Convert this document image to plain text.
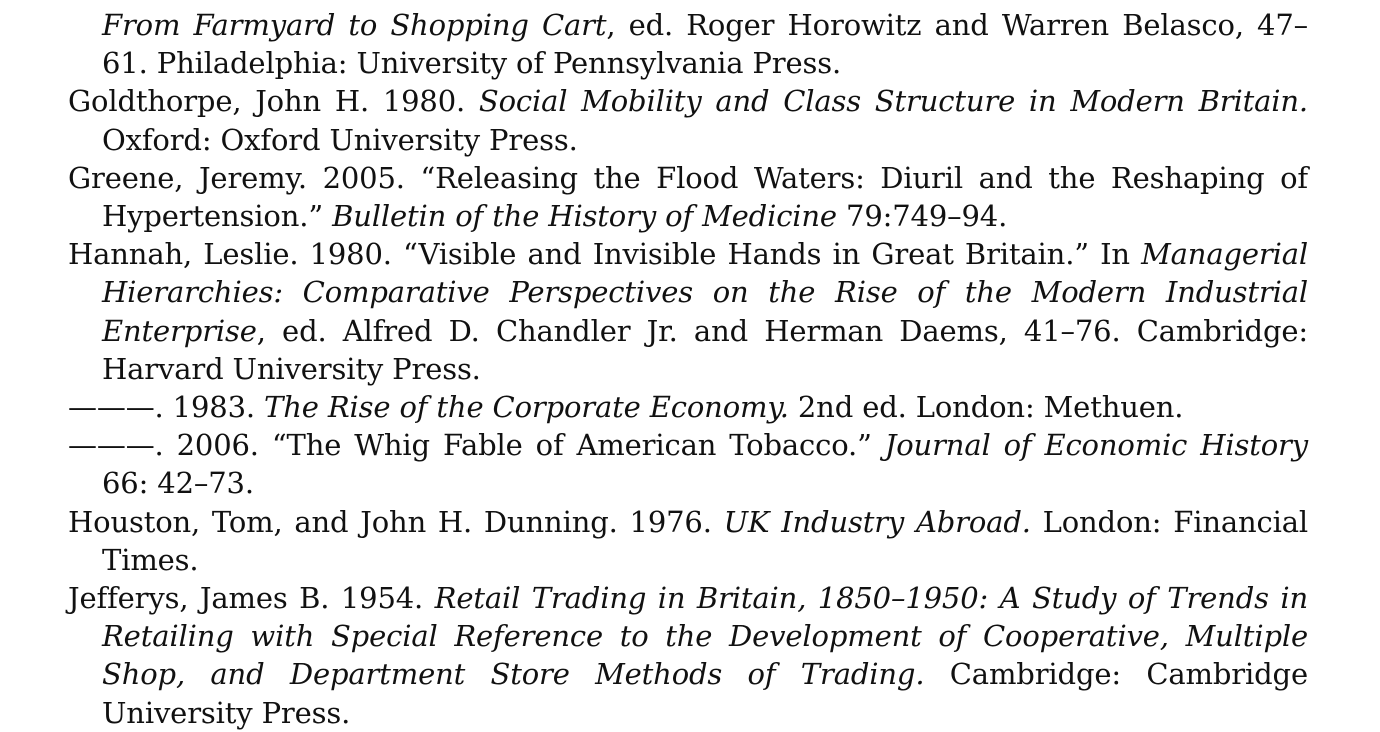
From Farmyard to Shopping Cart, ed. Roger Horowitz and Warren Belasco, 47–61. Philadelphia: University of Pennsylvania Press.

Goldthorpe, John H. 1980. Social Mobility and Class Structure in Modern Britain. Oxford: Oxford University Press.

Greene, Jeremy. 2005. “Releasing the Flood Waters: Diuril and the Reshaping of Hypertension.” Bulletin of the History of Medicine 79:749–94.

Hannah, Leslie. 1980. “Visible and Invisible Hands in Great Britain.” In Managerial Hierarchies: Comparative Perspectives on the Rise of the Modern Industrial Enterprise, ed. Alfred D. Chandler Jr. and Herman Daems, 41–76. Cambridge: Harvard University Press.

———. 1983. The Rise of the Corporate Economy. 2nd ed. London: Methuen.

———. 2006. “The Whig Fable of American Tobacco.” Journal of Economic History 66: 42–73.

Houston, Tom, and John H. Dunning. 1976. UK Industry Abroad. London: Financial Times.

Jefferys, James B. 1954. Retail Trading in Britain, 1850–1950: A Study of Trends in Retailing with Special Reference to the Development of Cooperative, Multiple Shop, and Department Store Methods of Trading. Cambridge: Cambridge University Press.
